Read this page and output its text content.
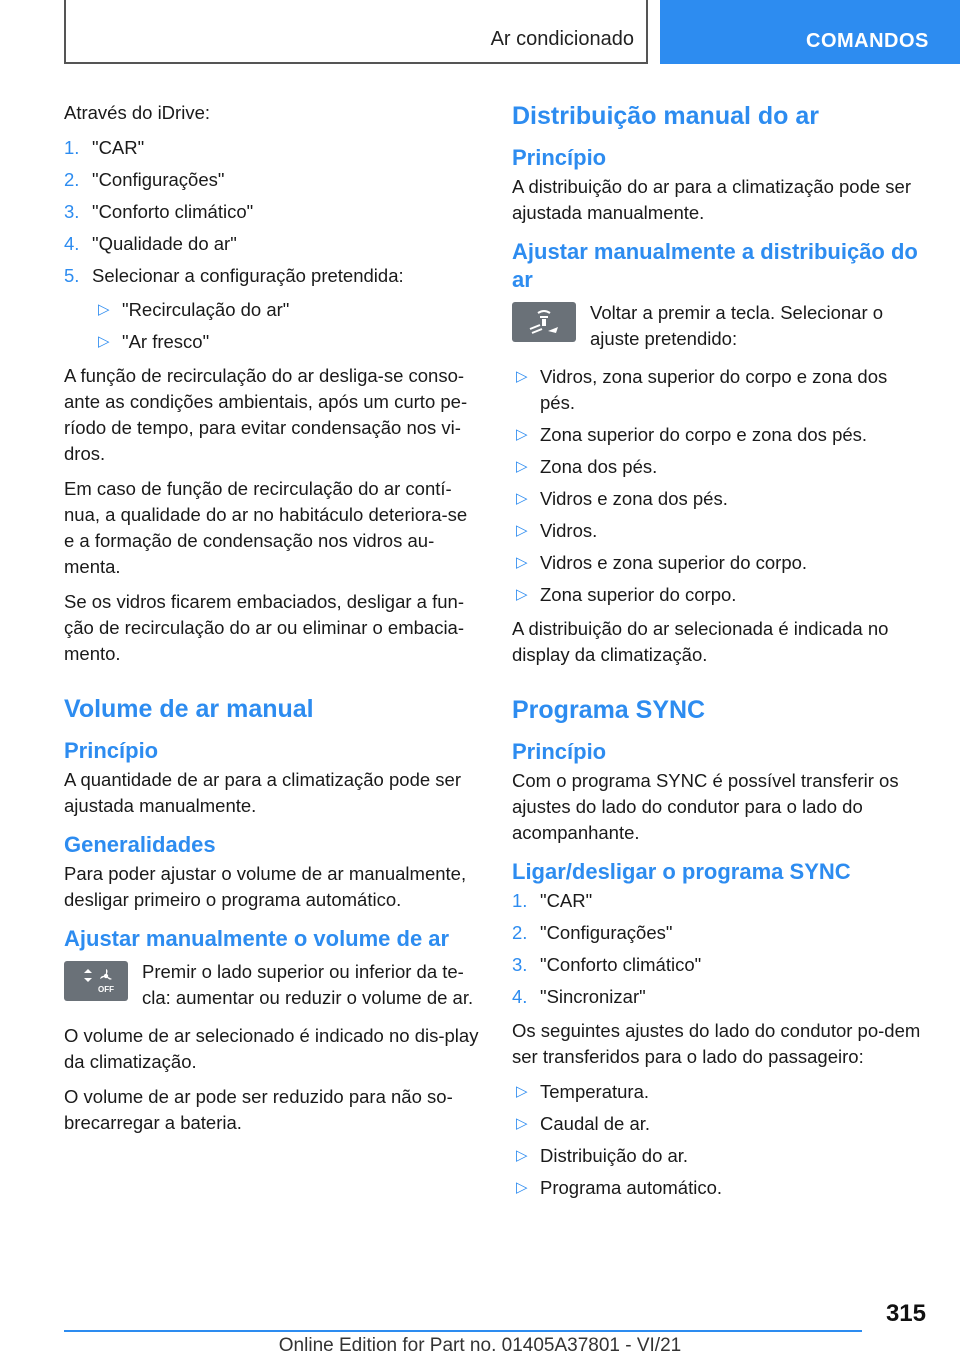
Ar condicionado	COMANDOS

Através do iDrive:

1. "CAR"
2. "Configurações"
3. "Conforto climático"
4. "Qualidade do ar"
5. Selecionar a configuração pretendida:
▷ "Recirculação do ar"
▷ "Ar fresco"

A função de recirculação do ar desliga-se conso-ante as condições ambientais, após um curto pe-ríodo de tempo, para evitar condensação nos vi-dros.

Em caso de função de recirculação do ar contí-nua, a qualidade do ar no habitáculo deteriora-se e a formação de condensação nos vidros au-menta.

Se os vidros ficarem embaciados, desligar a fun-ção de recirculação do ar ou eliminar o embacia-mento.

Volume de ar manual
Princípio

A quantidade de ar para a climatização pode ser ajustada manualmente.

Generalidades

Para poder ajustar o volume de ar manualmente, desligar primeiro o programa automático.

Ajustar manualmente o volume de ar
OFF

Premir o lado superior ou inferior da te-cla: aumentar ou reduzir o volume de ar.

O volume de ar selecionado é indicado no dis-play da climatização.

O volume de ar pode ser reduzido para não so-brecarregar a bateria.

Distribuição manual do ar
Princípio

A distribuição do ar para a climatização pode ser ajustada manualmente.

Ajustar manualmente a distribuição do ar

Voltar a premir a tecla. Selecionar o ajuste pretendido:

▷ Vidros, zona superior do corpo e zona dos pés.
▷ Zona superior do corpo e zona dos pés.
▷ Zona dos pés.
▷ Vidros e zona dos pés.
▷ Vidros.
▷ Vidros e zona superior do corpo.
▷ Zona superior do corpo.

A distribuição do ar selecionada é indicada no display da climatização.

Programa SYNC
Princípio

Com o programa SYNC é possível transferir os ajustes do lado do condutor para o lado do acompanhante.

Ligar/desligar o programa SYNC
1. "CAR"
2. "Configurações"
3. "Conforto climático"
4. "Sincronizar"

Os seguintes ajustes do lado do condutor po-dem ser transferidos para o lado do passageiro:

▷ Temperatura.
▷ Caudal de ar.
▷ Distribuição do ar.
▷ Programa automático.
315
Online Edition for Part no. 01405A37801 - VI/21
